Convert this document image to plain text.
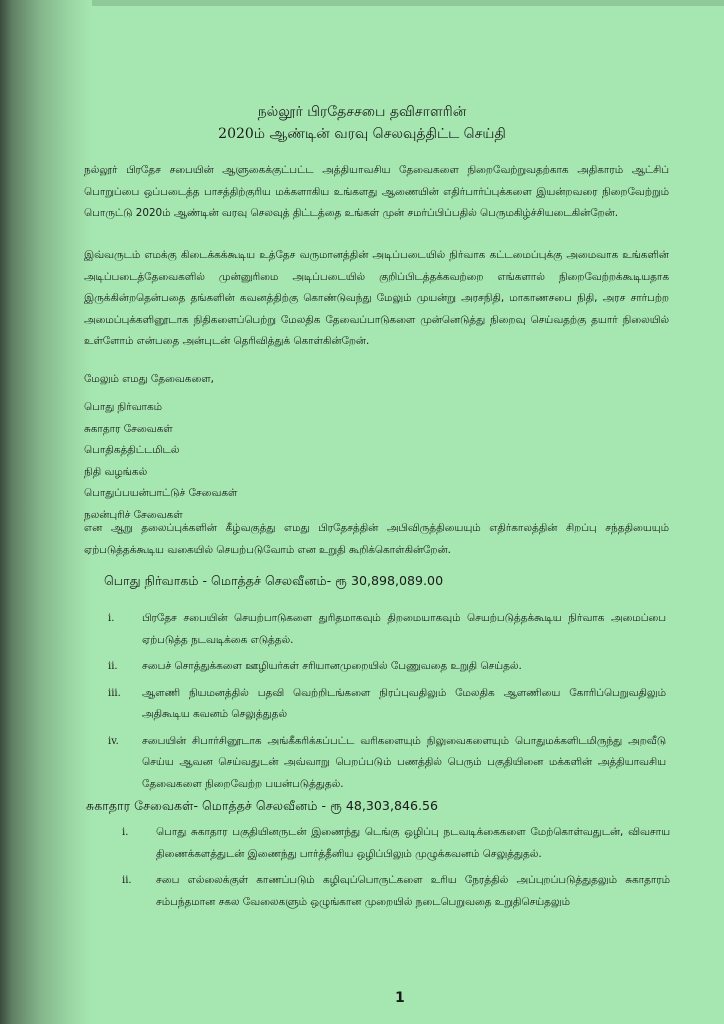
நல்லூர் பிரதேசசபை தவிசாளரின்
2020ம் ஆண்டின் வரவு செலவுத்திட்ட செய்தி
நல்லூர் பிரதேச சபையின் ஆளுகைக்குட்பட்ட அத்தியாவசிய தேவைகளை நிறைவேற்றுவதற்காக அதிகாரம் ஆட்சிப் பொறுப்பை ஒப்படைத்த பாசத்திற்குரிய மக்களாகிய உங்களது ஆணையின் எதிர்பார்ப்புக்களை இயன்றவரை நிறைவேற்றும் பொருட்டு 2020ம் ஆண்டின் வரவு செலவுத் திட்டத்தை உங்கள் முன் சமர்ப்பிப்பதில் பெருமகிழ்ச்சியடைகின்றேன்.
இவ்வருடம் எமக்கு கிடைக்கக்கூடிய உத்தேச வருமானத்தின் அடிப்படையில் நிர்வாக கட்டமைப்புக்கு அமைவாக உங்களின் அடிப்படைத்தேவைகளில் முன்னுரிமை அடிப்படையில் குறிப்பிடத்தக்கவற்றை எங்களால் நிறைவேற்றக்கூடியதாக இருக்கின்றதென்பதை தங்களின் கவனத்திற்கு கொண்டுவந்து மேலும் முயன்று அரசநிதி, மாகாணசபை நிதி, அரச சார்பற்ற அமைப்புக்களினூடாக நிதிகளைப்பெற்று மேலதிக தேவைப்பாடுகளை முன்னெடுத்து நிறைவு செய்வதற்கு தயார் நிலையில் உள்ளோம் என்பதை அன்புடன் தெரிவித்துக் கொள்கின்றேன்.
மேலும் எமது தேவைகளை,
பொது நிர்வாகம்
சுகாதார சேவைகள்
பொதிகத்திட்டமிடல்
நிதி வழங்கல்
பொதுப்பயன்பாட்டுச் சேவைகள்
நலன்புரிச் சேவைகள்
என ஆறு தலைப்புக்களின் கீழ்வகுத்து எமது பிரதேசத்தின் அபிவிருத்தியையும் எதிர்காலத்தின் சிறப்பு சந்ததியையும் ஏற்படுத்தக்கூடிய வகையில் செயற்படுவோம் என உறுதி கூறிக்கொள்கின்றேன்.
பொது நிர்வாகம் - மொத்தச் செலவீனம்- ரூ 30,898,089.00
i.	பிரதேச சபையின் செயற்பாடுகளை துரிதமாகவும் திறமையாகவும் செயற்படுத்தக்கூடிய நிர்வாக அமைப்பை ஏற்படுத்த நடவடிக்கை எடுத்தல்.
ii.	சபைச் சொத்துக்களை ஊழியர்கள் சரியானமுறையில் பேணுவதை உறுதி செய்தல்.
iii.	ஆளணி நியமனத்தில் பதவி வெற்றிடங்களை நிரப்புவதிலும் மேலதிக ஆளணியை கோரிப்பெறுவதிலும் அதிகூடிய கவனம் செலுத்துதல்
iv.	சபையின் சிபார்சினூடாக அங்கீகரிக்கப்பட்ட வரிகளையும் நிலுவைகளையும் பொதுமக்களிடமிருந்து அறவீடு செய்ய ஆவன செய்வதுடன் அவ்வாறு பெறப்படும் பணத்தில் பெரும் பகுதியினை மக்களின் அத்தியாவசிய தேவைகளை நிறைவேற்ற பயன்படுத்துதல்.
சுகாதார சேவைகள்- மொத்தச் செலவீனம் - ரூ 48,303,846.56
i.	பொது சுகாதார பகுதியினருடன் இணைந்து டெங்கு ஒழிப்பு நடவடிக்கைகளை மேற்கொள்வதுடன், விவசாய திணைக்களத்துடன் இணைந்து பார்த்தீனிய ஒழிப்பிலும் முழுக்கவனம் செலுத்துதல்.
ii.	சபை எல்லைக்குள் காணப்படும் கழிவுப்பொருட்களை உரிய நேரத்தில் அப்புறப்படுத்துதலும் சுகாதாரம் சம்பந்தமான சகல வேலைகளும் ஒழுங்கான முறையில் நடைபெறுவதை உறுதிசெய்தலும்
1
